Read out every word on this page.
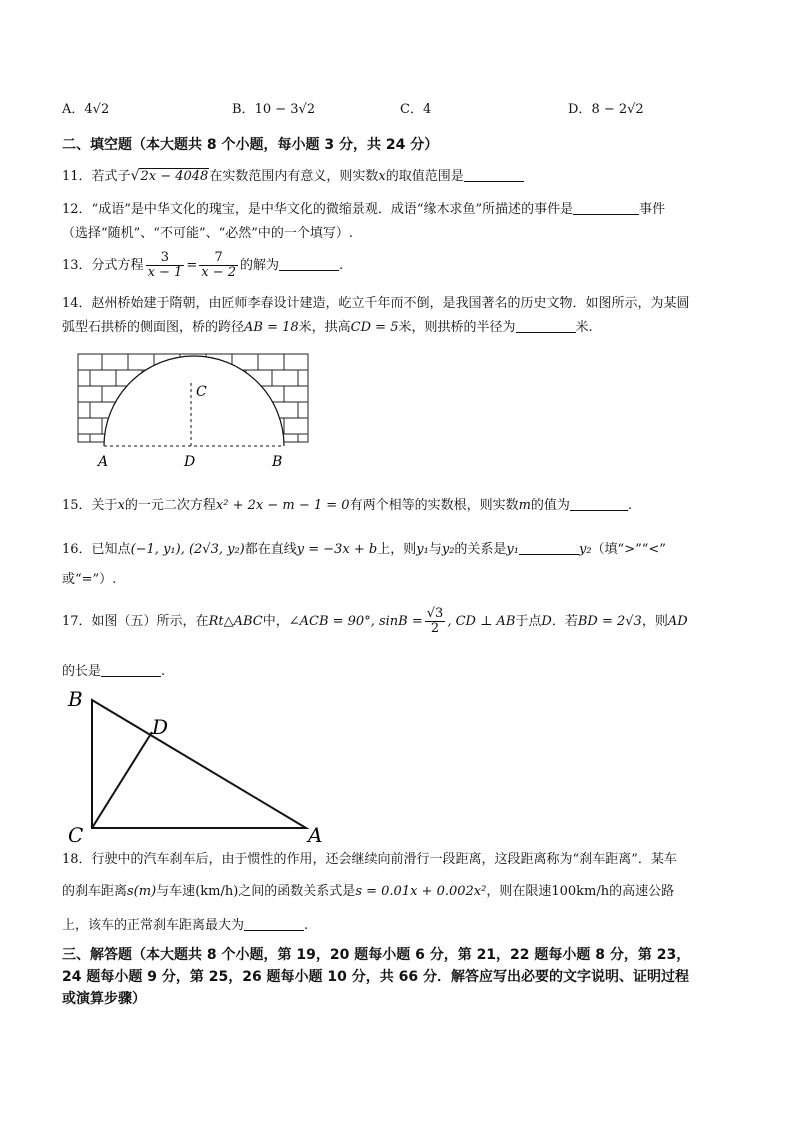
A．4√2	B．10 − 3√2	C．4	D．8 − 2√2
二、填空题（本大题共 8 个小题，每小题 3 分，共 24 分）
11．若式子√2x − 4048在实数范围内有意义，则实数x的取值范围是
12．“成语”是中华文化的瑰宝，是中华文化的微缩景观．成语“缘木求鱼”所描述的事件是	事件
（选择“随机”、“不可能”、“必然”中的一个填写）.
13．分式方程 $\frac{3}{x - 1} = \frac{7}{x - 2}$ 的解为	.
14．赵州桥始建于隋朝，由匠师李春设计建造，屹立千年而不倒，是我国著名的历史文物．如图所示，为某圆
弧型石拱桥的侧面图，桥的跨径AB = 18米，拱高CD = 5米，则拱桥的半径为	米.
A	D	B
C
15．关于x的一元二次方程x² + 2x − m − 1 = 0有两个相等的实数根，则实数m的值为	.
16．已知点(−1, y₁), (2√3, y₂)都在直线y = −3x + b上，则y₁与y₂的关系是y₁	y₂（填“>”“<”
或“=”）.
17．如图（五）所示，在Rt△ABC中，∠ACB = 90°, $\sin B = \frac{√3}{2}$ , CD ⊥ AB于点D．若BD = 2√3，则AD
的长是	.
B
D
C	A
18．行驶中的汽车刹车后，由于惯性的作用，还会继续向前滑行一段距离，这段距离称为“刹车距离”．某车
的刹车距离s(m)与车速(km/h)之间的函数关系式是s = 0.01x + 0.002x²，则在限速100km/h的高速公路
上，该车的正常刹车距离最大为	.
三、解答题（本大题共 8 个小题，第 19，20 题每小题 6 分，第 21，22 题每小题 8 分，第 23，
24 题每小题 9 分，第 25，26 题每小题 10 分，共 66 分．解答应写出必要的文字说明、证明过程
或演算步骤）
